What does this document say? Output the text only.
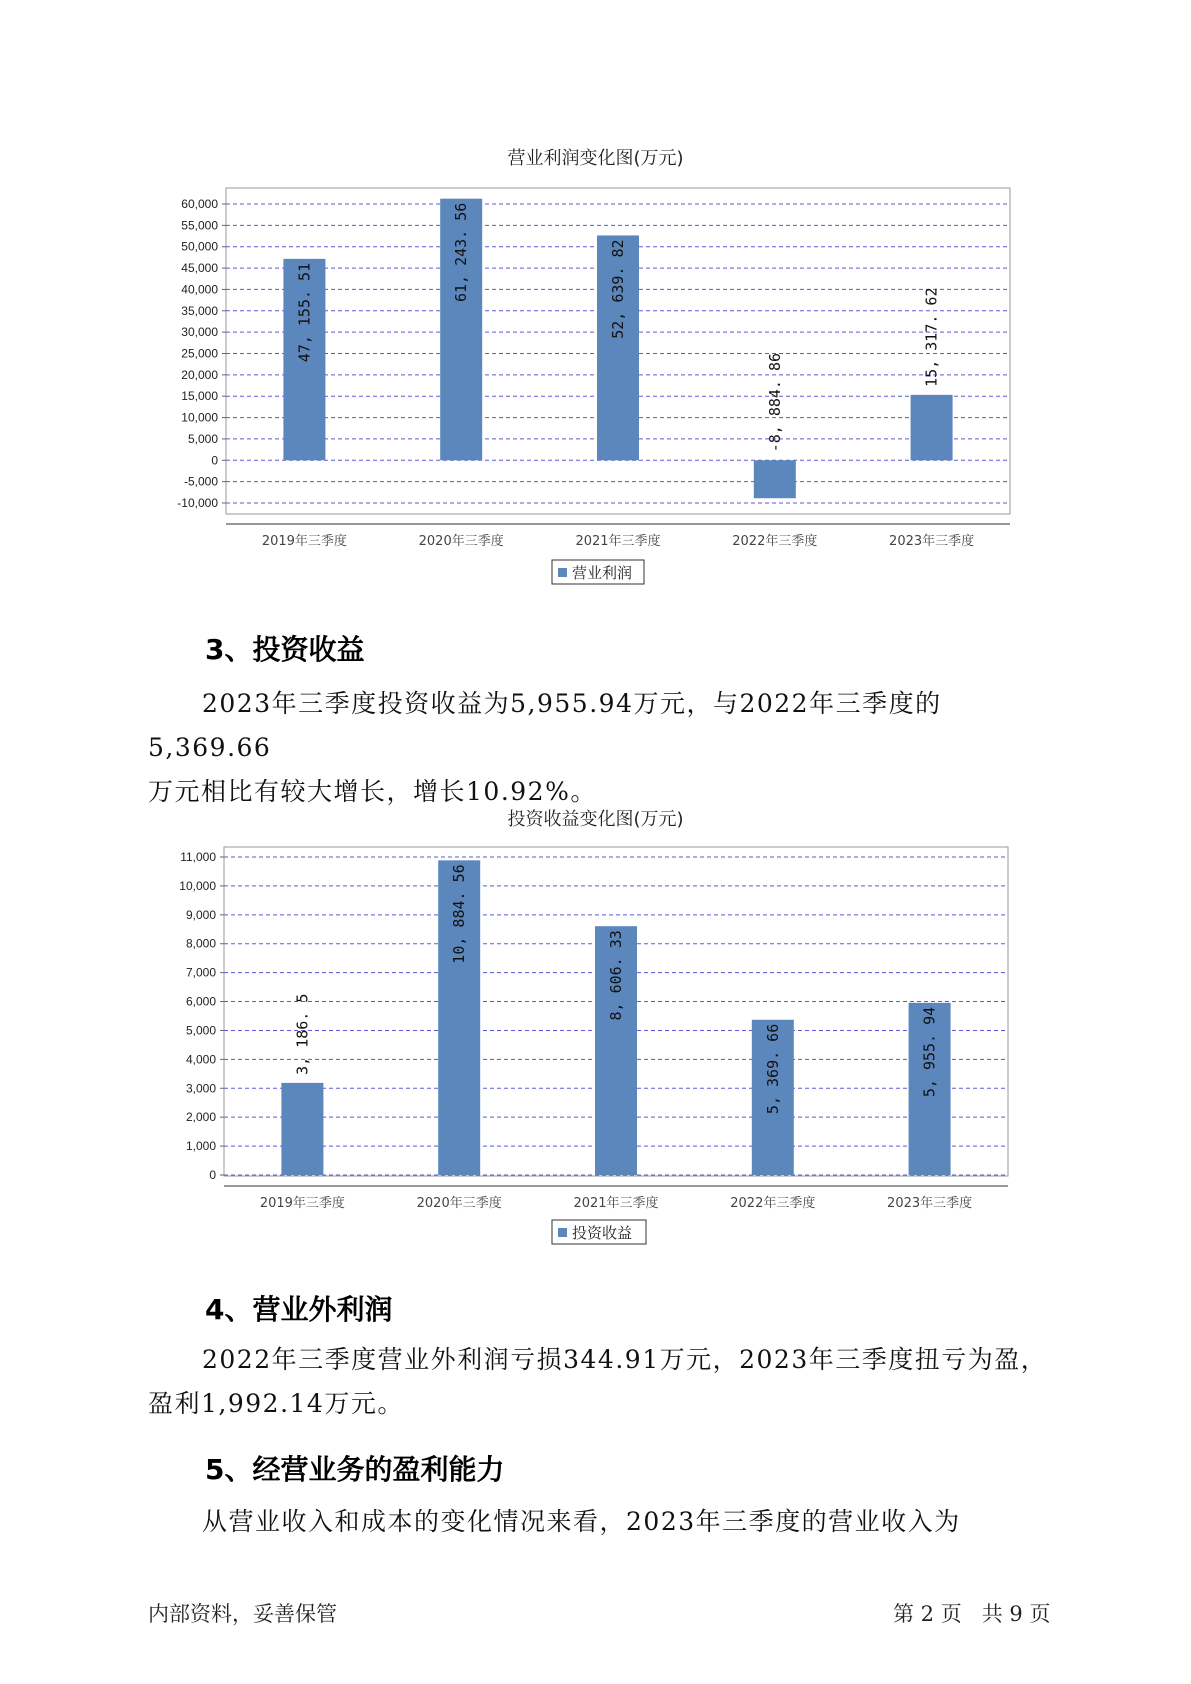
营业利润变化图(万元)
60,000
55,000
50,000
45,000
40,000
35,000
30,000
25,000
20,000
15,000
10,000
5,000
0
-5,000
-10,000
47, 155. 51
2019年三季度
61, 243. 56
2020年三季度
52, 639. 82
2021年三季度
-8, 884. 86
2022年三季度
15, 317. 62
2023年三季度
营业利润
3、投资收益

2023年三季度投资收益为5,955.94万元，与2022年三季度的5,369.66

万元相比有较大增长，增长10.92%。
投资收益变化图(万元)
11,000
10,000
9,000
8,000
7,000
6,000
5,000
4,000
3,000
2,000
1,000
0
3, 186. 5
2019年三季度
10, 884. 56
2020年三季度
8, 606. 33
2021年三季度
5, 369. 66
2022年三季度
5, 955. 94
2023年三季度
投资收益
4、营业外利润

2022年三季度营业外利润亏损344.91万元，2023年三季度扭亏为盈，

盈利1,992.14万元。
5、经营业务的盈利能力

从营业收入和成本的变化情况来看，2023年三季度的营业收入为

内部资料，妥善保管	第 2 页   共 9 页
